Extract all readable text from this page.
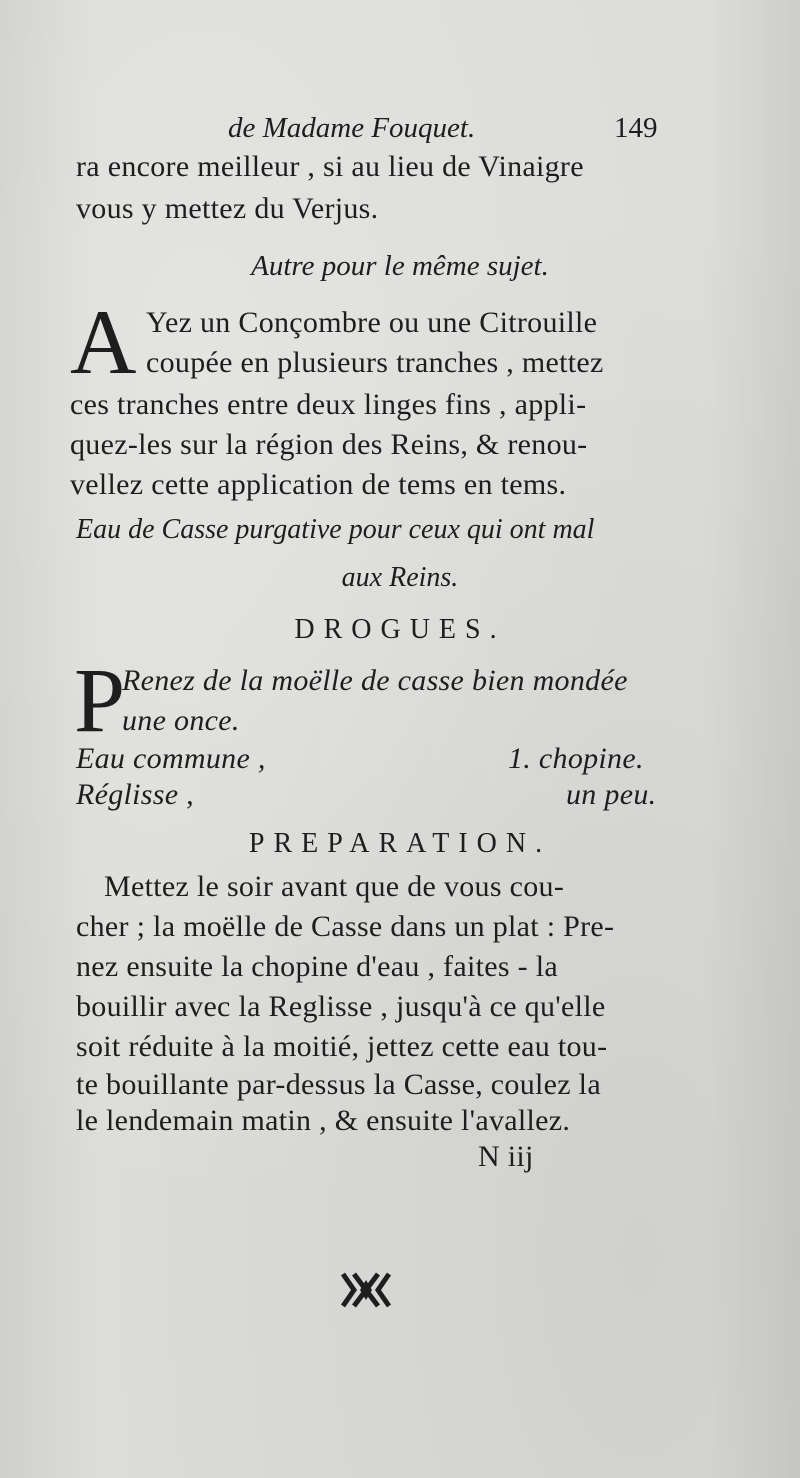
de Madame Fouquet.	149
ra encore meilleur , si au lieu de Vinaigre
vous y mettez du Verjus.
Autre pour le même sujet.
A Yez un Conçombre ou une Citrouille
coupée en plusieurs tranches , mettez
ces tranches entre deux linges fins , appli-
quez-les sur la région des Reins, & renou-
vellez cette application de tems en tems.
Eau de Casse purgative pour ceux qui ont mal
aux Reins.
DROGUES.
P
Renez de la moëlle de casse bien mondée
une once.
Eau commune ,	1. chopine.
Réglisse ,	un peu.
PREPARATION.
Mettez le soir avant que de vous cou-
cher ; la moëlle de Casse dans un plat : Pre-
nez ensuite la chopine d'eau , faites - la
bouillir avec la Reglisse , jusqu'à ce qu'elle
soit réduite à la moitié, jettez cette eau tou-
te bouillante par-dessus la Casse, coulez la
le lendemain matin , & ensuite l'avallez.
N iij
